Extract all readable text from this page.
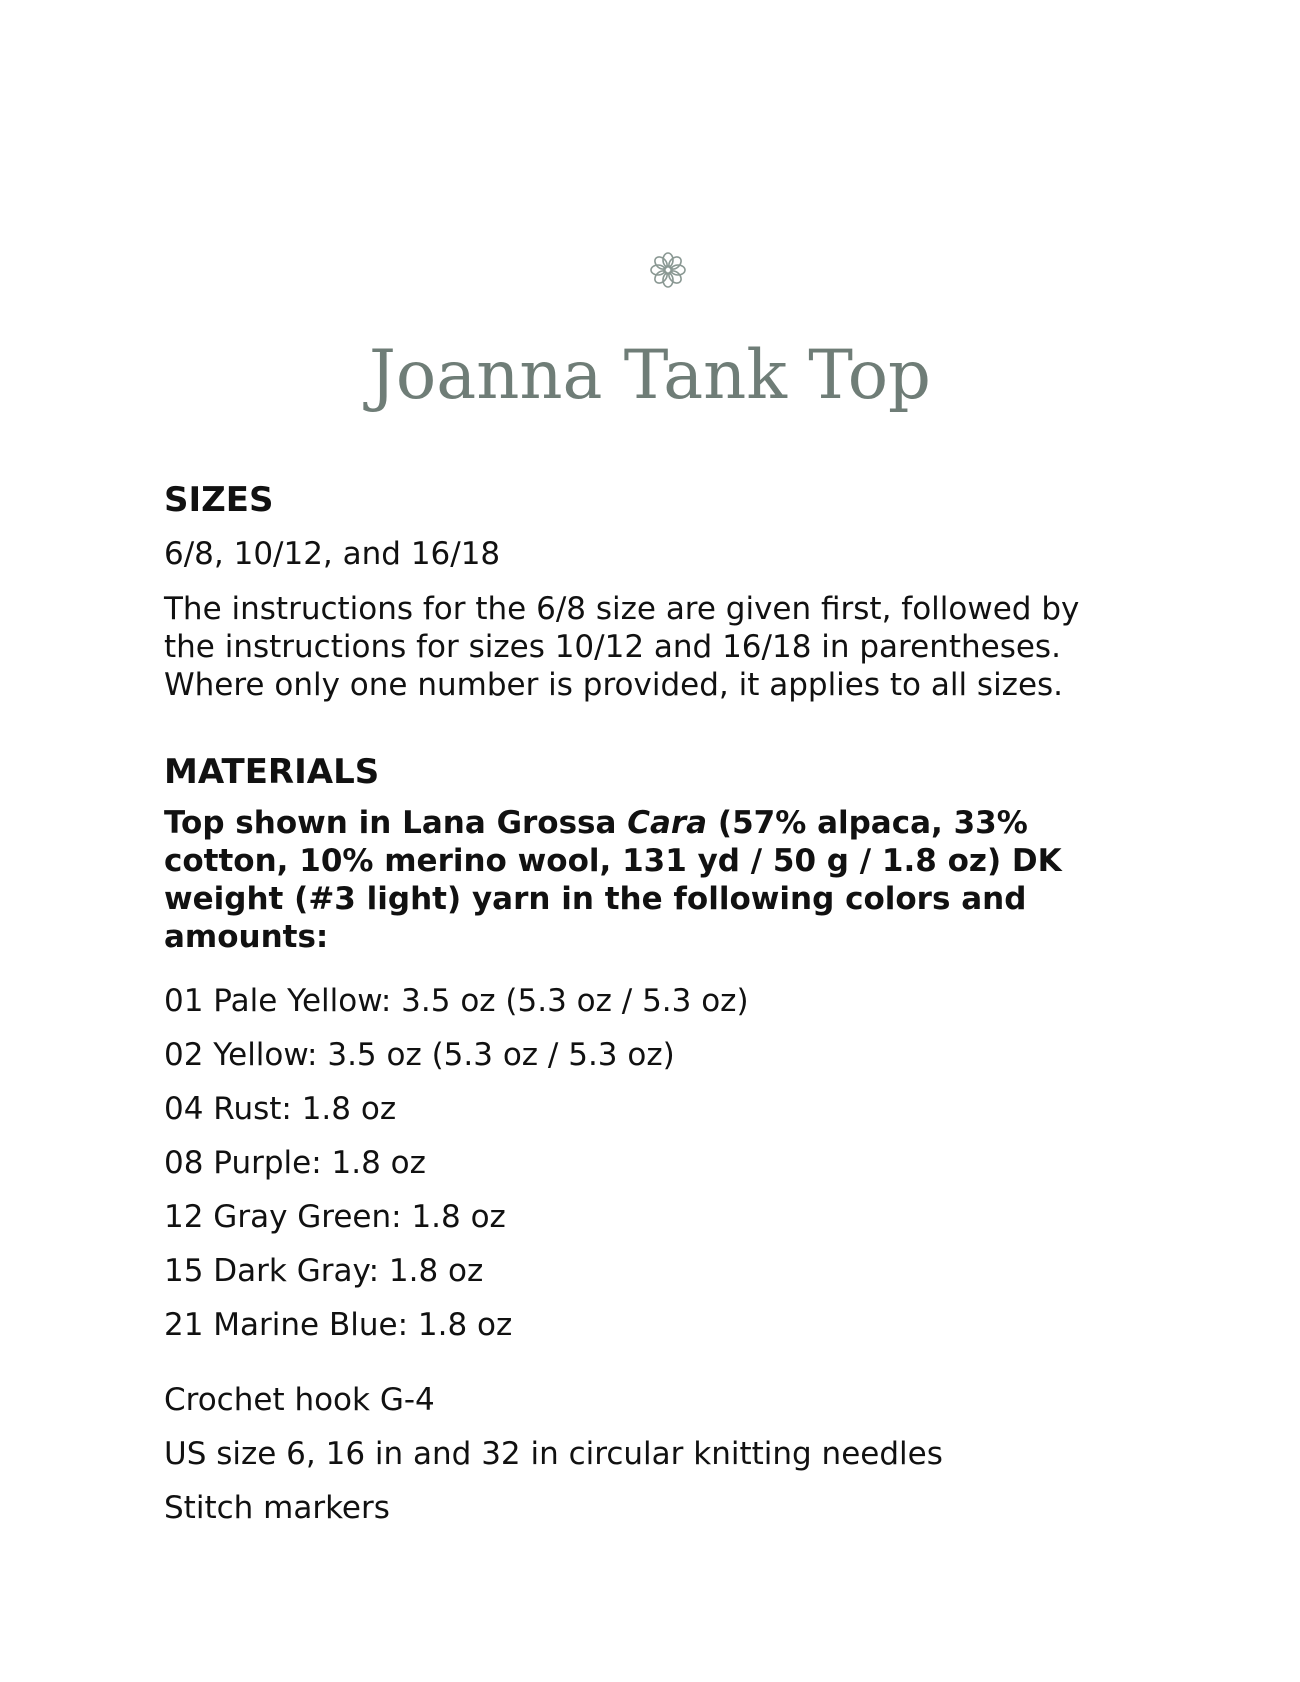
Joanna Tank Top
SIZES

6/8, 10/12, and 16/18

The instructions for the 6/8 size are given first, followed by
the instructions for sizes 10/12 and 16/18 in parentheses.
Where only one number is provided, it applies to all sizes.

MATERIALS

Top shown in Lana Grossa Cara (57% alpaca, 33%
cotton, 10% merino wool, 131 yd / 50 g / 1.8 oz) DK
weight (#3 light) yarn in the following colors and
amounts:

01 Pale Yellow: 3.5 oz (5.3 oz / 5.3 oz)

02 Yellow: 3.5 oz (5.3 oz / 5.3 oz)

04 Rust: 1.8 oz

08 Purple: 1.8 oz

12 Gray Green: 1.8 oz

15 Dark Gray: 1.8 oz

21 Marine Blue: 1.8 oz

Crochet hook G-4

US size 6, 16 in and 32 in circular knitting needles

Stitch markers
